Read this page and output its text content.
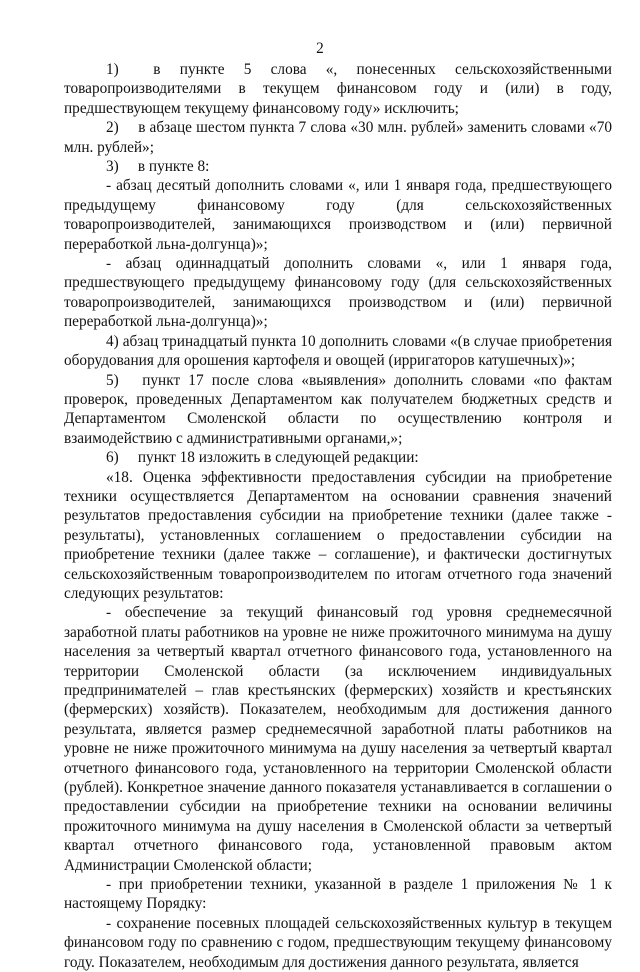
2

1)  в пункте 5 слова «, понесенных сельскохозяйственными товаропроизводителями в текущем финансовом году и (или) в году, предшествующем текущему финансовому году» исключить;

2)  в абзаце шестом пункта 7 слова «30 млн. рублей» заменить словами «70 млн. рублей»;

3)  в пункте 8:

- абзац десятый дополнить словами «, или 1 января года, предшествующего предыдущему финансовому году (для сельскохозяйственных товаропроизводителей, занимающихся производством и (или) первичной переработкой льна-долгунца)»;

- абзац одиннадцатый дополнить словами «, или 1 января года, предшествующего предыдущему финансовому году (для сельскохозяйственных товаропроизводителей, занимающихся производством и (или) первичной переработкой льна-долгунца)»;

4) абзац тринадцатый пункта 10 дополнить словами «(в случае приобретения оборудования для орошения картофеля и овощей (ирригаторов катушечных)»;

5)  пункт 17 после слова «выявления» дополнить словами «по фактам проверок, проведенных Департаментом как получателем бюджетных средств и Департаментом Смоленской области по осуществлению контроля и взаимодействию с административными органами,»;

6)  пункт 18 изложить в следующей редакции:

«18. Оценка эффективности предоставления субсидии на приобретение техники осуществляется Департаментом на основании сравнения значений результатов предоставления субсидии на приобретение техники (далее также - результаты), установленных соглашением о предоставлении субсидии на приобретение техники (далее также – соглашение), и фактически достигнутых сельскохозяйственным товаропроизводителем по итогам отчетного года значений следующих результатов:

- обеспечение за текущий финансовый год уровня среднемесячной заработной платы работников на уровне не ниже прожиточного минимума на душу населения за четвертый квартал отчетного финансового года, установленного на территории Смоленской области (за исключением индивидуальных предпринимателей – глав крестьянских (фермерских) хозяйств и крестьянских (фермерских) хозяйств). Показателем, необходимым для достижения данного результата, является размер среднемесячной заработной платы работников на уровне не ниже прожиточного минимума на душу населения за четвертый квартал отчетного финансового года, установленного на территории Смоленской области (рублей). Конкретное значение данного показателя устанавливается в соглашении о предоставлении субсидии на приобретение техники на основании величины прожиточного минимума на душу населения в Смоленской области за четвертый квартал отчетного финансового года, установленной правовым актом Администрации Смоленской области;

- при приобретении техники, указанной в разделе 1 приложения № 1 к настоящему Порядку:

- сохранение посевных площадей сельскохозяйственных культур в текущем финансовом году по сравнению с годом, предшествующим текущему финансовому году. Показателем, необходимым для достижения данного результата, является
